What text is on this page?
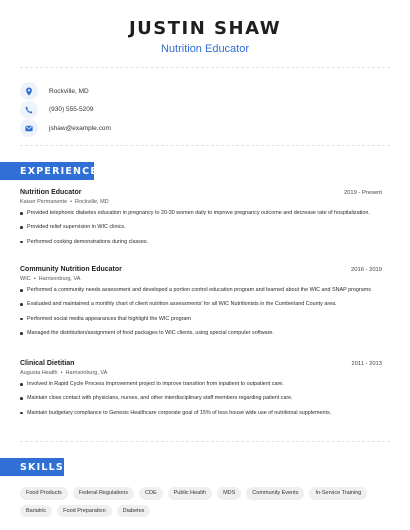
JUSTIN SHAW
Nutrition Educator
Rockville, MD
(930) 555-5209
jshaw@example.com
EXPERIENCE
Nutrition Educator	2019 - Present
Kaiser Permanente • Rockville, MD
Provided telephonic diabetes education in pregnancy to 20-30 women daily to improve pregnancy outcome and decrease rate of hospitalization.
Provided relief supervision in WIC clinics.
Performed cooking demonstrations during classes.
Community Nutrition Educator	2016 - 2019
WIC • Harrisonburg, VA
Performed a community needs assessment and developed a portion control education program and learned about the WIC and SNAP programs
Evaluated and maintained a monthly chart of client nutrition assessments' for all WIC Nutritionists in the Cumberland County area.
Performed social media appearances that highlight the WIC program
Managed the distribution/assignment of food packages to WIC clients, using special computer software.
Clinical Dietitian	2011 - 2013
Augusta Health • Harrisonburg, VA
Involved in Rapid Cycle Process Improvement project to improve transition from inpatient to outpatient care.
Maintain close contact with physicians, nurses, and other interdisciplinary staff members regarding patient care.
Maintain budgetary compliance to Genesis Healthcare corporate goal of 15% of less house wide use of nutritional supplements.
SKILLS
Food Products	Federal Regulations	CDE	Public Health	MDS	Community Events	In-Service Training
Bariatric	Food Preparation	Diabetes
